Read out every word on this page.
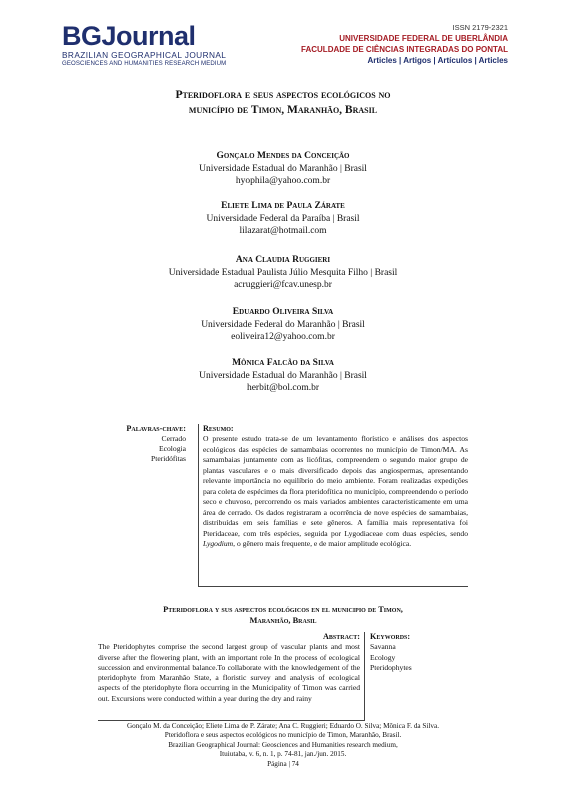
BGJournal
BRAZILIAN GEOGRAPHICAL JOURNAL
GEOSCIENCES AND HUMANITIES RESEARCH MEDIUM
ISSN 2179-2321
UNIVERSIDADE FEDERAL DE UBERLÂNDIA
FACULDADE DE CIÊNCIAS INTEGRADAS DO PONTAL
Articles | Artigos | Artículos | Articles
Pteridoflora e seus aspectos ecológicos no
município de Timon, Maranhão, Brasil
Gonçalo Mendes da Conceição
Universidade Estadual do Maranhão | Brasil
hyophila@yahoo.com.br
Eliete Lima de Paula Zárate
Universidade Federal da Paraíba | Brasil
lilazarat@hotmail.com
Ana Claudia Ruggieri
Universidade Estadual Paulista Júlio Mesquita Filho | Brasil
acruggieri@fcav.unesp.br
Eduardo Oliveira Silva
Universidade Federal do Maranhão | Brasil
eoliveira12@yahoo.com.br
Mônica Falcão da Silva
Universidade Estadual do Maranhão | Brasil
herbit@bol.com.br
Palavras-chave:
Cerrado
Ecologia
Pteridófitas
Resumo:
O presente estudo trata-se de um levantamento florístico e análises dos aspectos ecológicos das espécies de samambaias ocorrentes no município de Timon/MA. As samambaias juntamente com as licófitas, compreendem o segundo maior grupo de plantas vasculares e o mais diversificado depois das angiospermas, apresentando relevante importância no equilíbrio do meio ambiente. Foram realizadas expedições para coleta de espécimes da flora pteridofítica no município, compreendendo o período seco e chuvoso, percorrendo os mais variados ambientes caracteristicamente em uma área de cerrado. Os dados registraram a ocorrência de nove espécies de samambaias, distribuídas em seis famílias e sete gêneros. A família mais representativa foi Pteridaceae, com três espécies, seguida por Lygodiaceae com duas espécies, sendo Lygodium, o gênero mais frequente, e de maior amplitude ecológica.
Pteridoflora y sus aspectos ecológicos en el municipio de Timon,
Maranhão, Brasil
Abstract:
The Pteridophytes comprise the second largest group of vascular plants and most diverse after the flowering plant, with an important role In the process of ecological succession and environmental balance.To collaborate with the knowledgement of the pteridophyte from Maranhão State, a floristic survey and analysis of ecological aspects of the pteridophyte flora occurring in the Municipality of Timon was carried out. Excursions were conducted within a year during the dry and rainy
Keywords:
Savanna
Ecology
Pteridophytes
Gonçalo M. da Conceição; Eliete Lima de P. Zárate; Ana C. Ruggieri; Eduardo O. Silva; Mônica F. da Silva.
Pteridoflora e seus aspectos ecológicos no município de Timon, Maranhão, Brasil.
Brazilian Geographical Journal: Geosciences and Humanities research medium,
Ituiutaba, v. 6, n. 1, p. 74-81, jan./jun. 2015.
Página | 74
